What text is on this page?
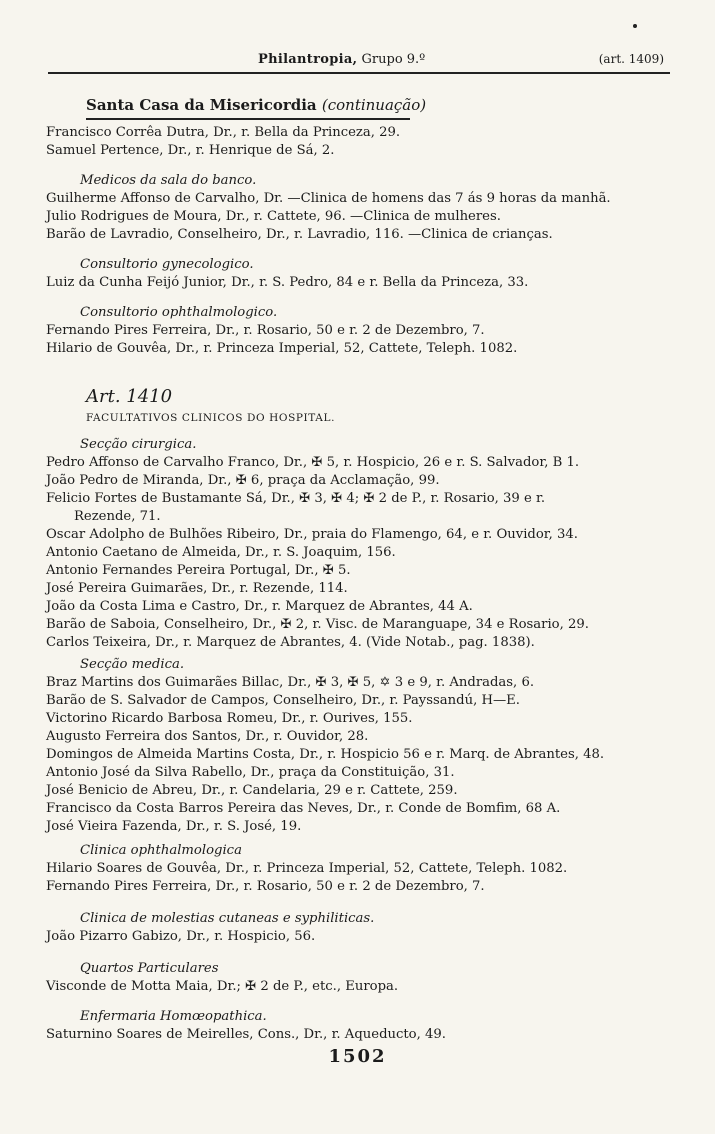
Philantropia, Grupo 9.º	(art. 1409)
Santa Casa da Misericordia (continuação)
Francisco Corrêa Dutra, Dr., r. Bella da Princeza, 29.
Samuel Pertence, Dr., r. Henrique de Sá, 2.
Medicos da sala do banco.
Guilherme Affonso de Carvalho, Dr. —Clinica de homens das 7 ás 9 horas da manhã.
Julio Rodrigues de Moura, Dr., r. Cattete, 96. —Clinica de mulheres.
Barão de Lavradio, Conselheiro, Dr., r. Lavradio, 116. —Clinica de crianças.
Consultorio gynecologico.
Luiz da Cunha Feijó Junior, Dr., r. S. Pedro, 84 e r. Bella da Princeza, 33.
Consultorio ophthalmologico.
Fernando Pires Ferreira, Dr., r. Rosario, 50 e r. 2 de Dezembro, 7.
Hilario de Gouvêa, Dr., r. Princeza Imperial, 52, Cattete, Teleph. 1082.
Art. 1410
FACULTATIVOS CLINICOS DO HOSPITAL.
Secção cirurgica.
Pedro Affonso de Carvalho Franco, Dr., ✠ 5, r. Hospicio, 26 e r. S. Salvador, B 1.
João Pedro de Miranda, Dr., ✠ 6, praça da Acclamação, 99.
Felicio Fortes de Bustamante Sá, Dr., ✠ 3, ✠ 4; ✠ 2 de P., r. Rosario, 39 e r.
Rezende, 71.
Oscar Adolpho de Bulhões Ribeiro, Dr., praia do Flamengo, 64, e r. Ouvidor, 34.
Antonio Caetano de Almeida, Dr., r. S. Joaquim, 156.
Antonio Fernandes Pereira Portugal, Dr., ✠ 5.
José Pereira Guimarães, Dr., r. Rezende, 114.
João da Costa Lima e Castro, Dr., r. Marquez de Abrantes, 44 A.
Barão de Saboia, Conselheiro, Dr., ✠ 2, r. Visc. de Maranguape, 34 e Rosario, 29.
Carlos Teixeira, Dr., r. Marquez de Abrantes, 4. (Vide Notab., pag. 1838).
Secção medica.
Braz Martins dos Guimarães Billac, Dr., ✠ 3, ✠ 5, ✡ 3 e 9, r. Andradas, 6.
Barão de S. Salvador de Campos, Conselheiro, Dr., r. Payssandú, H—E.
Victorino Ricardo Barbosa Romeu, Dr., r. Ourives, 155.
Augusto Ferreira dos Santos, Dr., r. Ouvidor, 28.
Domingos de Almeida Martins Costa, Dr., r. Hospicio 56 e r. Marq. de Abrantes, 48.
Antonio José da Silva Rabello, Dr., praça da Constituição, 31.
José Benicio de Abreu, Dr., r. Candelaria, 29 e r. Cattete, 259.
Francisco da Costa Barros Pereira das Neves, Dr., r. Conde de Bomfim, 68 A.
José Vieira Fazenda, Dr., r. S. José, 19.
Clinica ophthalmologica
Hilario Soares de Gouvêa, Dr., r. Princeza Imperial, 52, Cattete, Teleph. 1082.
Fernando Pires Ferreira, Dr., r. Rosario, 50 e r. 2 de Dezembro, 7.
Clinica de molestias cutaneas e syphiliticas.
João Pizarro Gabizo, Dr., r. Hospicio, 56.
Quartos Particulares
Visconde de Motta Maia, Dr.; ✠ 2 de P., etc., Europa.
Enfermaria Homœopathica.
Saturnino Soares de Meirelles, Cons., Dr., r. Aqueducto, 49.
1502
